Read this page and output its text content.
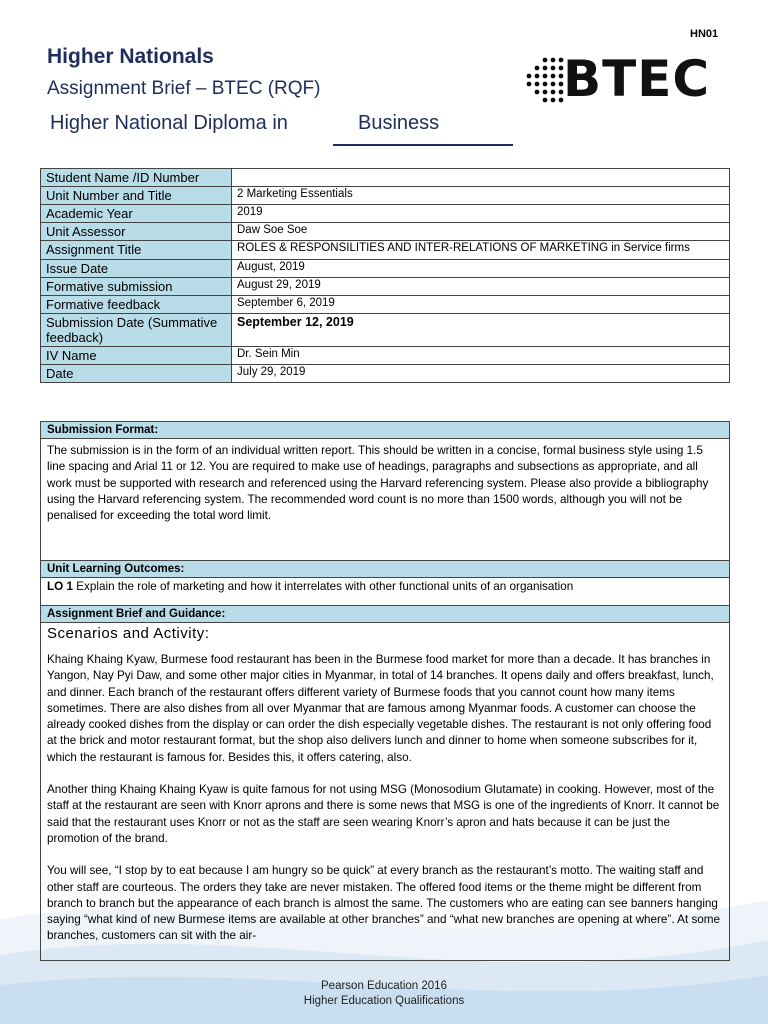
HN01
Higher Nationals
Assignment Brief – BTEC (RQF)
Higher National Diploma in	Business
BTEC
Student Name /ID Number	
Unit Number and Title	2 Marketing Essentials
Academic Year	2019
Unit Assessor	Daw Soe Soe
Assignment Title	ROLES & RESPONSILITIES AND INTER-RELATIONS OF MARKETING in Service firms
Issue Date	August, 2019
Formative submission	August 29, 2019
Formative feedback	September 6, 2019
Submission Date (Summative feedback)	September 12, 2019
IV Name	Dr. Sein Min
Date	July 29, 2019
Submission Format:
The submission is in the form of an individual written report. This should be written in a concise, formal business style using 1.5 line spacing and Arial 11 or 12. You are required to make use of headings, paragraphs and subsections as appropriate, and all work must be supported with research and referenced using the Harvard referencing system. Please also provide a bibliography using the Harvard referencing system. The recommended word count is no more than 1500 words, although you will not be penalised for exceeding the total word limit.
Unit Learning Outcomes:
LO 1 Explain the role of marketing and how it interrelates with other functional units of an organisation
Assignment Brief and Guidance:
Scenarios and Activity:

Khaing Khaing Kyaw, Burmese food restaurant has been in the Burmese food market for more than a decade. It has branches in Yangon, Nay Pyi Daw, and some other major cities in Myanmar, in total of 14 branches. It opens daily and offers breakfast, lunch, and dinner. Each branch of the restaurant offers different variety of Burmese foods that you cannot count how many items sometimes. There are also dishes from all over Myanmar that are famous among Myanmar foods. A customer can choose the already cooked dishes from the display or can order the dish especially vegetable dishes. The restaurant is not only offering food at the brick and motor restaurant format, but the shop also delivers lunch and dinner to home when someone subscribes for it, which the restaurant is famous for. Besides this, it offers catering, also.

Another thing Khaing Khaing Kyaw is quite famous for not using MSG (Monosodium Glutamate) in cooking. However, most of the staff at the restaurant are seen with Knorr aprons and there is some news that MSG is one of the ingredients of Knorr. It cannot be said that the restaurant uses Knorr or not as the staff are seen wearing Knorr’s apron and hats because it can be just the promotion of the brand.

You will see, “I stop by to eat because I am hungry so be quick” at every branch as the restaurant’s motto. The waiting staff and other staff are courteous. The orders they take are never mistaken. The offered food items or the theme might be different from branch to branch but the appearance of each branch is almost the same. The customers who are eating can see banners hanging saying “what kind of new Burmese items are available at other branches” and “what new branches are opening at where”. At some branches, customers can sit with the air-

Pearson Education 2016
Higher Education Qualifications
